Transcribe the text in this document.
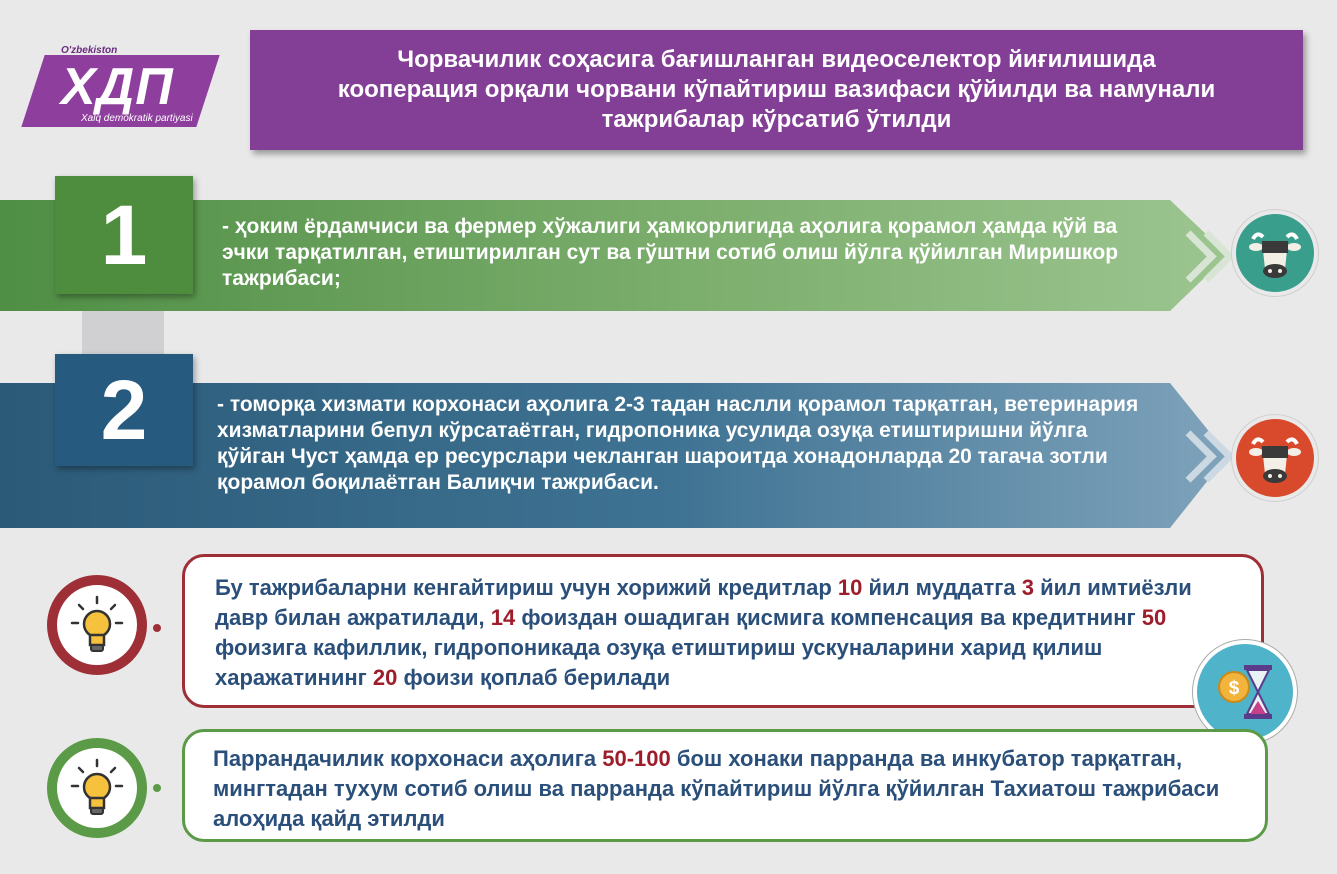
O'zbekiston
ХДП
Xalq demokratik partiyasi
Чорвачилик соҳасига бағишланган видеоселектор йиғилишида кооперация орқали чорвани кўпайтириш вазифаси қўйилди ва намунали тажрибалар кўрсатиб ўтилди
1	- ҳоким ёрдамчиси ва фермер хўжалиги ҳамкорлигида аҳолига қорамол ҳамда қўй ва эчки тарқатилган, етиштирилган сут ва гўштни сотиб олиш йўлга қўйилган Миришкор тажрибаси;
2	- томорқа хизмати корхонаси аҳолига 2-3 тадан наслли қорамол тарқатган, ветеринария хизматларини бепул кўрсатаётган, гидропоника усулида озуқа етиштиришни йўлга қўйган Чуст ҳамда ер ресурслари чекланган шароитда хонадонларда 20 тагача зотли қорамол боқилаётган Балиқчи тажрибаси.
Бу тажрибаларни кенгайтириш учун хорижий кредитлар 10 йил муддатга 3 йил имтиёзли давр билан ажратилади, 14 фоиздан ошадиган қисмига компенсация ва кредитнинг 50 фоизига кафиллик, гидропоникада озуқа етиштириш ускуналарини харид қилиш харажатининг 20 фоизи қоплаб берилади	$
Паррандачилик корхонаси аҳолига 50-100 бош хонаки парранда ва инкубатор тарқатган, мингтадан тухум сотиб олиш ва парранда кўпайтириш йўлга қўйилган Тахиатош тажрибаси алоҳида қайд этилди
